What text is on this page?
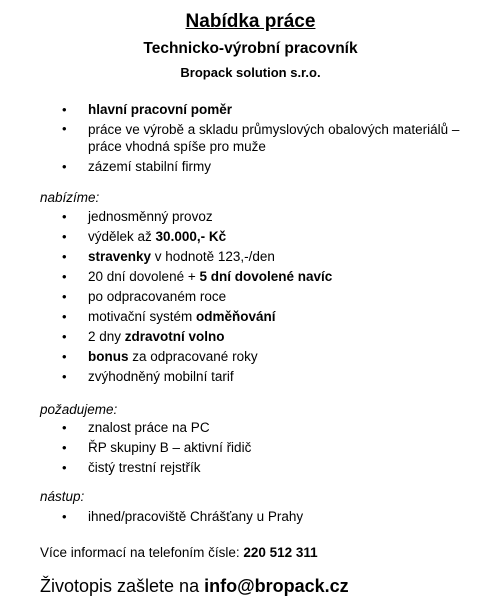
Nabídka práce
Technicko-výrobní pracovník
Bropack solution s.r.o.
• hlavní pracovní poměr
• práce ve výrobě a skladu průmyslových obalových materiálů – práce vhodná spíše pro muže
• zázemí stabilní firmy
nabízíme:
• jednosměnný provoz
• výdělek až 30.000,- Kč
• stravenky v hodnotě 123,-/den
• 20 dní dovolené + 5 dní dovolené navíc
• po odpracovaném roce
• motivační systém odměňování
• 2 dny zdravotní volno
• bonus za odpracované roky
• zvýhodněný mobilní tarif
požadujeme:
• znalost práce na PC
• ŘP skupiny B – aktivní řidič
• čistý trestní rejstřík
nástup:
• ihned/pracoviště Chrášťany u Prahy
Více informací na telefoním čísle: 220 512 311
Životopis zašlete na info@bropack.cz
